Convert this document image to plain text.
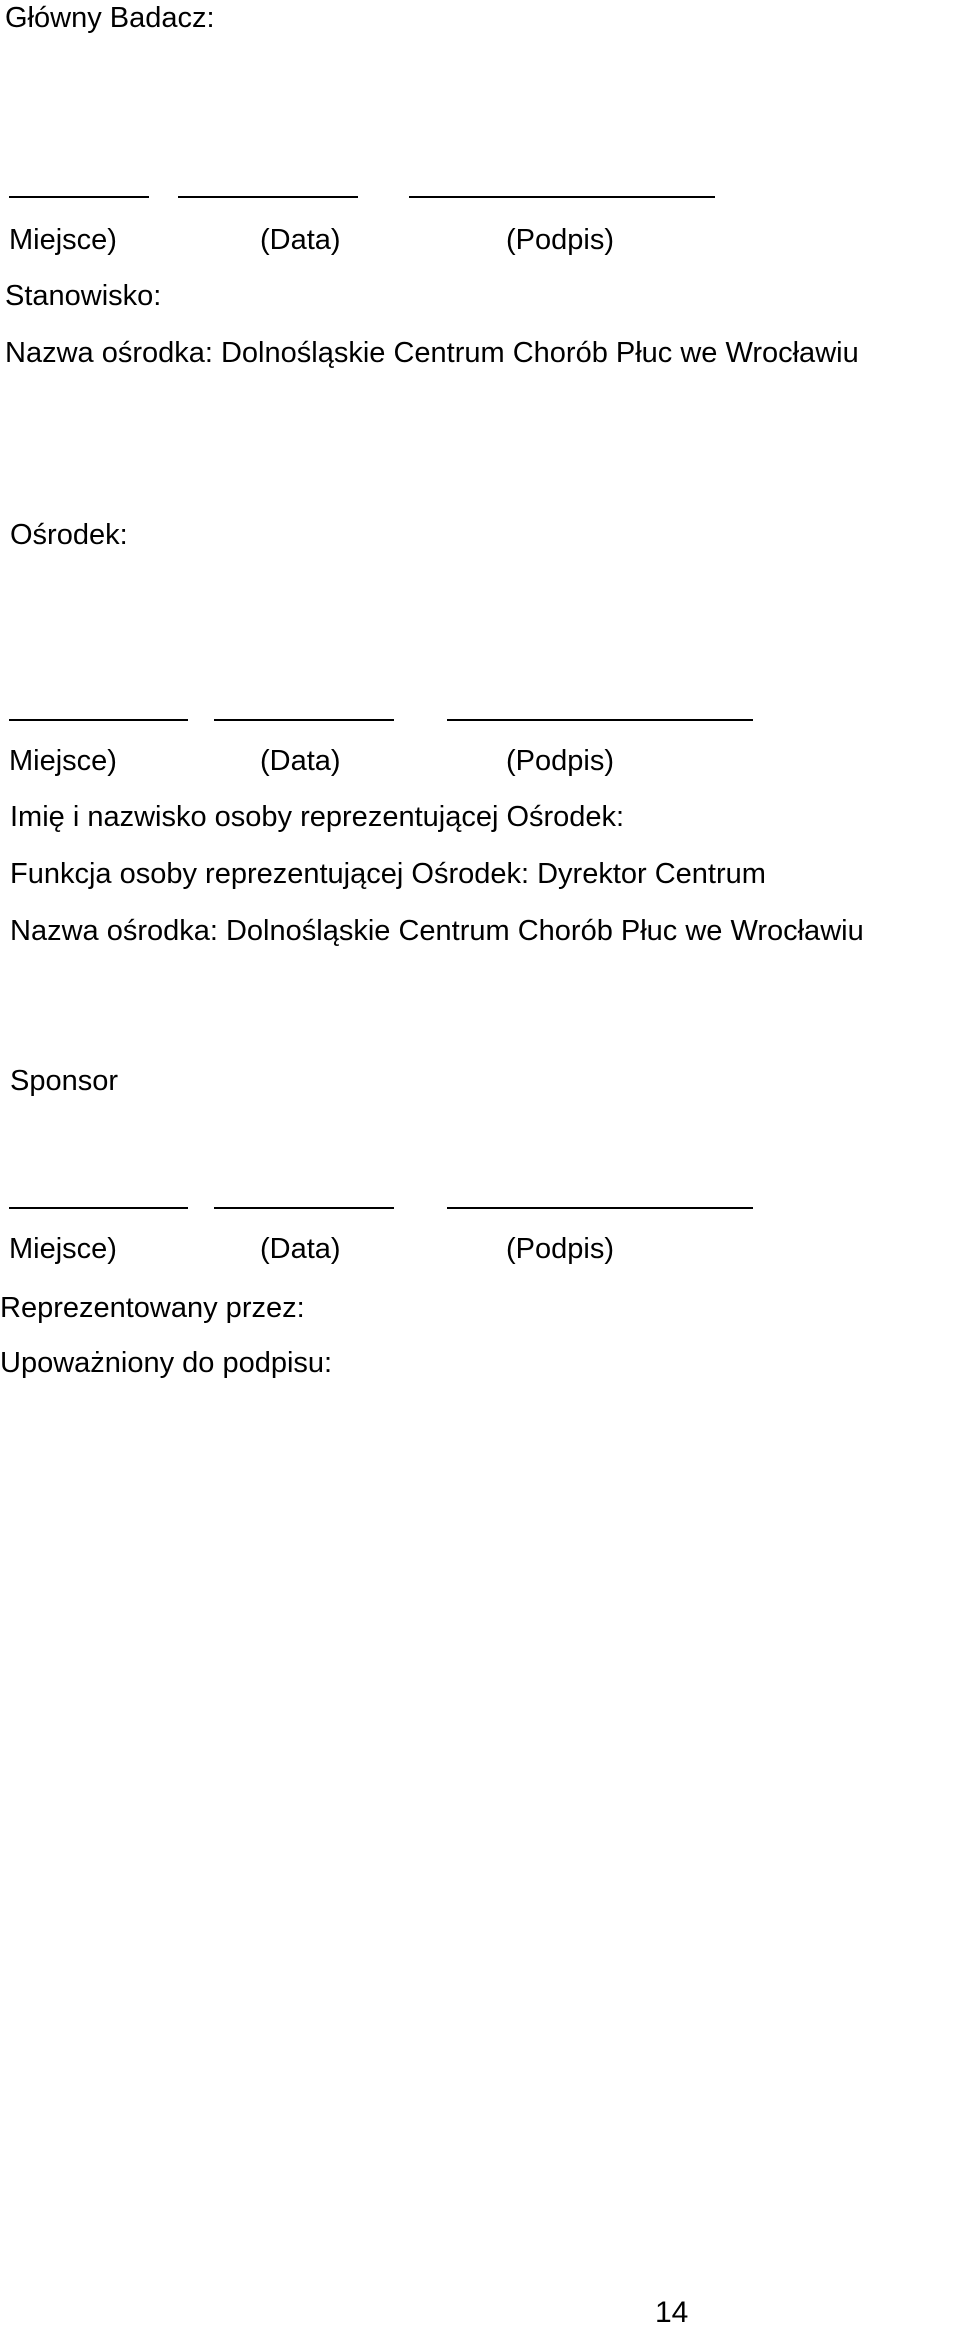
Główny Badacz:
Miejsce)	(Data)	(Podpis)
Stanowisko:
Nazwa ośrodka: Dolnośląskie Centrum Chorób Płuc we Wrocławiu
Ośrodek:
Miejsce)	(Data)	(Podpis)
Imię i nazwisko osoby reprezentującej Ośrodek:
Funkcja osoby reprezentującej Ośrodek: Dyrektor Centrum
Nazwa ośrodka: Dolnośląskie Centrum Chorób Płuc we Wrocławiu
Sponsor
Miejsce)	(Data)	(Podpis)
Reprezentowany przez:
Upoważniony do podpisu:
14
